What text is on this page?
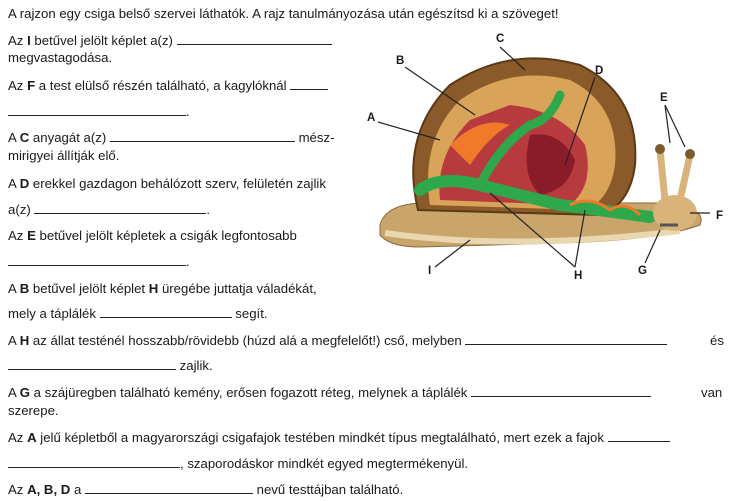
A rajzon egy csiga belső szervei láthatók. A rajz tanulmányozása után egészítsd ki a szöveget!
Az I betűvel jelölt képlet a(z)
megvastagodása.
Az F a test elülső részén található, a kagylóknál
.
A C anyagát a(z)	mész-
mirigyei állítják elő.
A D erekkel gazdagon behálózott szerv, felületén zajlik
a(z)	.
Az E betűvel jelölt képletek a csigák legfontosabb
.
A B betűvel jelölt képlet H üregébe juttatja váladékát,
mely a táplálék	segít.
A H az állat testénél hosszabb/rövidebb (húzd alá a megfelelőt!) cső, melyben	és
zajlik.
A G a szájüregben található kemény, erősen fogazott réteg, melynek a táplálék	van
szerepe.
Az A jelű képletből a magyarországi csigafajok testében mindkét típus megtalálható, mert ezek a fajok
, szaporodáskor mindkét egyed megtermékenyül.
Az A, B, D a	nevű testtájban található.
A
B
C
D
E
F
G
H
I
